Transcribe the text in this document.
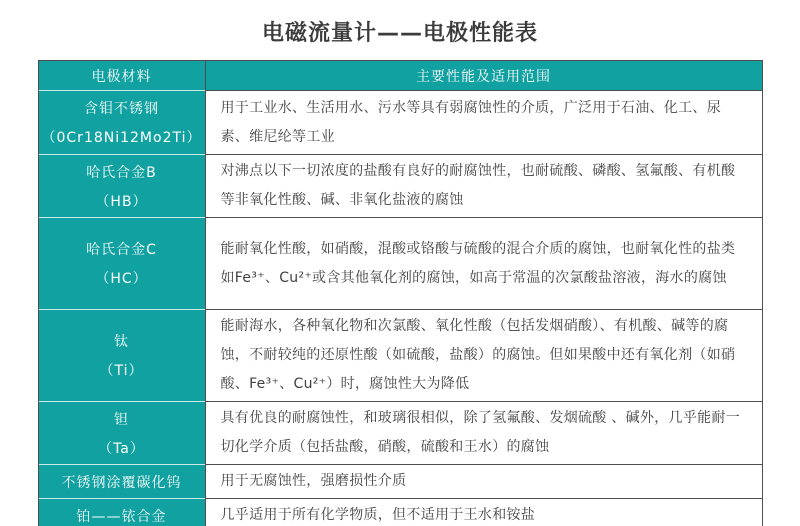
电磁流量计——电极性能表
电极材料	主要性能及适用范围

含钼不锈钢
（0Cr18Ni12Mo2Ti）	用于工业水、生活用水、污水等具有弱腐蚀性的介质，广泛用于石油、化工、尿素、维尼纶等工业

哈氏合金B
（HB）	对沸点以下一切浓度的盐酸有良好的耐腐蚀性，也耐硫酸、磷酸、氢氟酸、有机酸等非氧化性酸、碱、非氧化盐液的腐蚀

哈氏合金C
（HC）	能耐氧化性酸，如硝酸，混酸或铬酸与硫酸的混合介质的腐蚀，也耐氧化性的盐类如Fe³⁺、Cu²⁺或含其他氧化剂的腐蚀，如高于常温的次氯酸盐溶液，海水的腐蚀

钛
（Ti）	能耐海水，各种氧化物和次氯酸、氧化性酸（包括发烟硝酸）、有机酸、碱等的腐蚀，不耐较纯的还原性酸（如硫酸，盐酸）的腐蚀。但如果酸中还有氧化剂（如硝酸、Fe³⁺、Cu²⁺）时，腐蚀性大为降低

钽
（Ta）	具有优良的耐腐蚀性，和玻璃很相似，除了氢氟酸、发烟硫酸 、碱外，几乎能耐一切化学介质（包括盐酸，硝酸，硫酸和王水）的腐蚀

不锈钢涂覆碳化钨	用于无腐蚀性，强磨损性介质

铂——铱合金	几乎适用于所有化学物质，但不适用于王水和铵盐
